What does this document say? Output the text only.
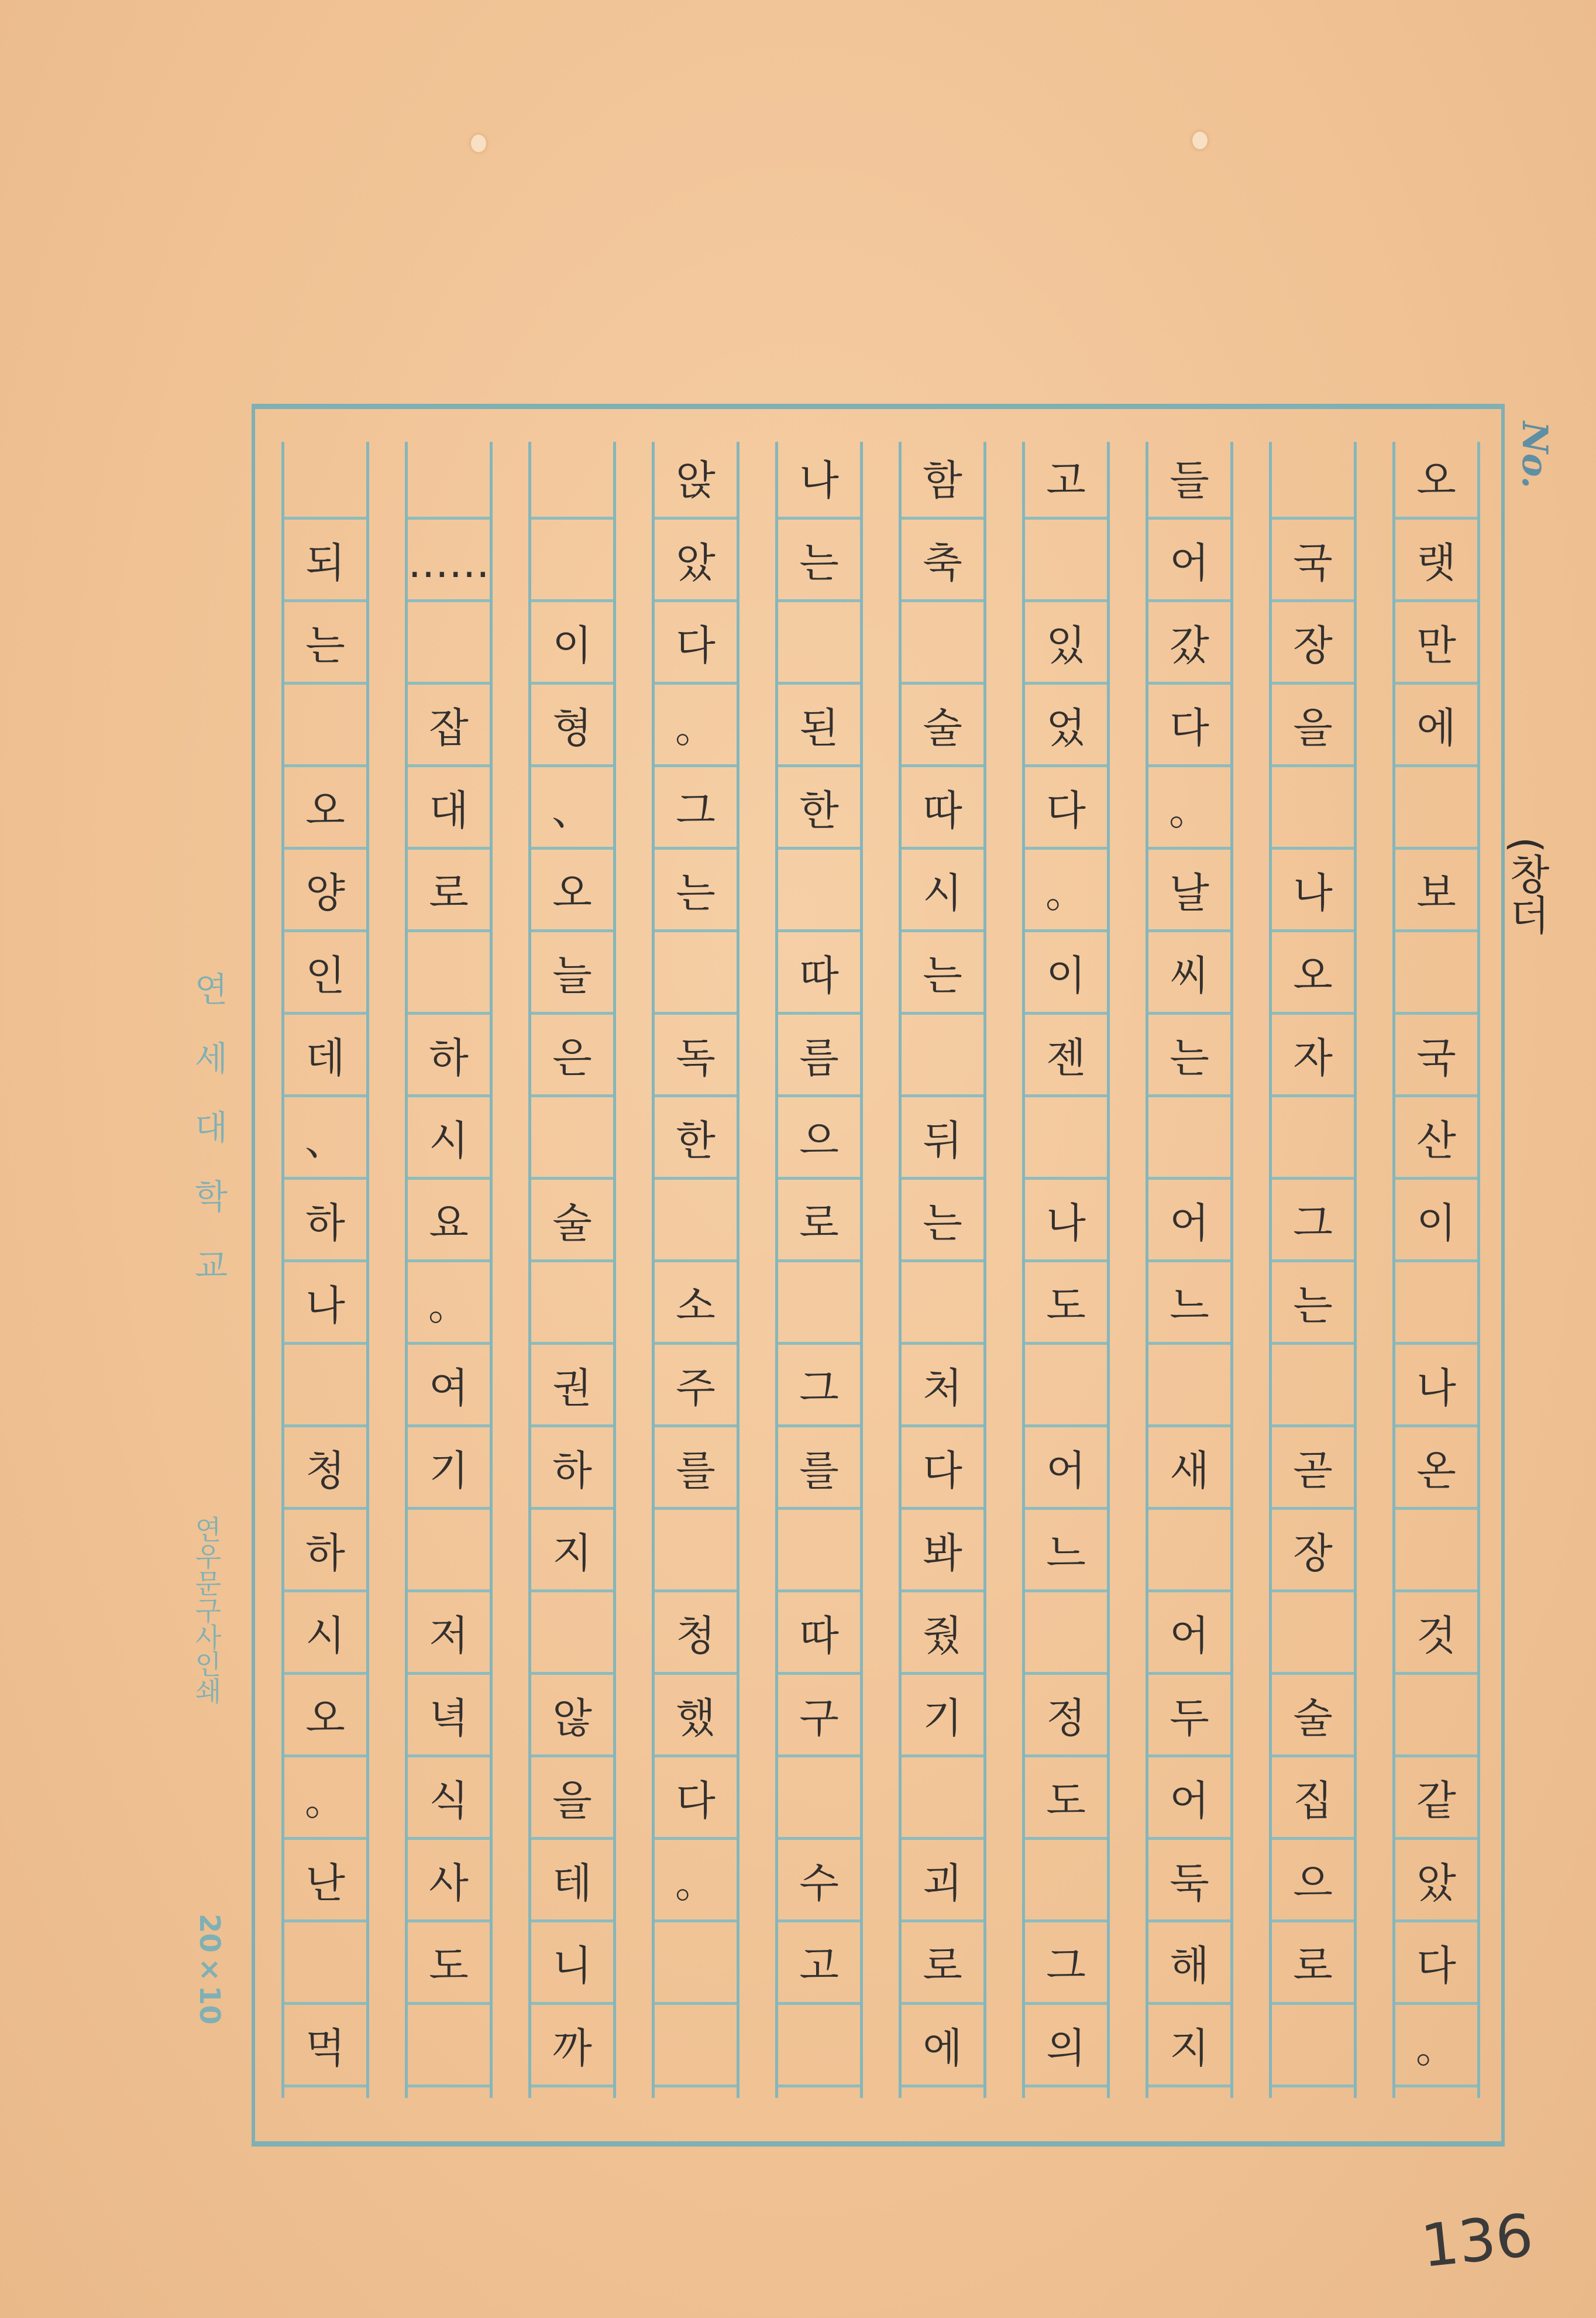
No.
(창더
오
랫
만
에
보
국
산
이
나
온
것
같
았
다
。
국
장
을
나
오
자
그
는
곧
장
술
집
으
로
들
어
갔
다
。
날
씨
는
어
느
새
어
두
어
둑
해
지
고
있
었
다
。
이
젠
나
도
어
느
정
도
그
의
함
축
술
따
시
는
뒤
는
처
다
봐
줬
기
괴
로
에
나
는
된
한
따
름
으
로
그
를
따
구
수
고
앉
았
다
。
그
는
독
한
소
주
를
청
했
다
。
이
형
、
오
늘
은
술
권
하
지
않
을
테
니
까
……
잡
대
로
하
시
요
。
여
기
저
녁
식
사
도
되
는
오
양
인
데
、
하
나
청
하
시
오
。
난
먹
연세대학교
연우문구사인쇄
20×10
136
